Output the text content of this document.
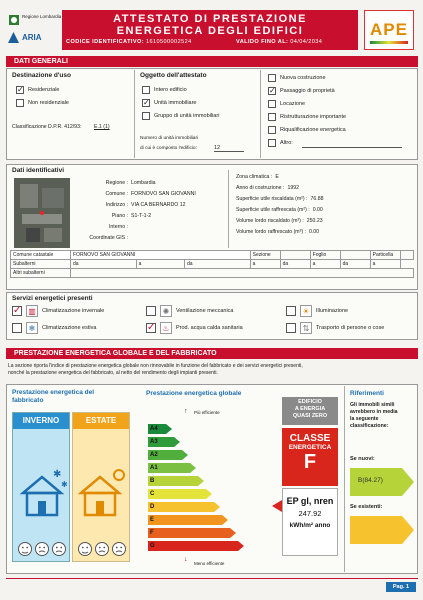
Regione Lombardia
ARIA
ATTESTATO DI PRESTAZIONE
ENERGETICA DEGLI EDIFICI
CODICE IDENTIFICATIVO: 1610500002524	VALIDO FINO AL: 04/04/2034
APE
DATI GENERALI
Destinazione d'uso
✓ Residenziale
Non residenziale
Classificazione D.P.R. 412/93: E.1 (1)
Oggetto dell'attestato
Intero edificio
✓ Unità immobiliare
Gruppo di unità immobiliari
Numero di unità immobiliari
di cui è composto l'edificio:	12
Nuova costruzione
✓ Passaggio di proprietà
Locazione
Ristrutturazione importante
Riqualificazione energetica
Altro:
Dati identificativi
Regione : Lombardia
Comune : FORNOVO SAN GIOVANNI
Indirizzo : VIA CA BERNARDO 12
Piano : S1-T-1-2
Interno :
Coordinate GIS :
Zona climatica : E
Anno di costruzione : 1992
Superficie utile riscaldata (m²) : 76.88
Superficie utile raffrescata (m²) : 0.00
Volume lordo riscaldato (m³) : 250.23
Volume lordo raffrescato (m³) : 0.00
Comune catastale	FORNOVO SAN GIOVANNI			Sezione		Foglio		Particella	
Subalterni	da	a	da	a	da	a	da	a	
Altri subalterni									
Servizi energetici presenti
✓ ▥	Climatizzazione invernale
❄	Climatizzazione estiva
✺	Ventilazione meccanica
✓ ♨	Prod. acqua calda sanitaria
☀	Illuminazione
⇅	Trasporto di persone o cose
PRESTAZIONE ENERGETICA GLOBALE E DEL FABBRICATO
La sezione riporta l'indice di prestazione energetica globale non rinnovabile in funzione del fabbricato e dei servizi energetici presenti,
nonché la prestazione energetica del fabbricato, al netto del rendimento degli impianti presenti.
Prestazione energetica del
fabbricato
INVERNO
✱
✱
ESTATE
Prestazione energetica globale
↑ Più efficiente
A4
A3
A2
A1
B
C
D
E
F
G
↓
Meno efficiente
EDIFICIO
A ENERGIA
QUASI ZERO
CLASSE
ENERGETICA
F
EP gl, nren
247.92
kWh/m² anno
Riferimenti
Gli immobili simili
avrebbero in media
la seguente
classificazione:
Se nuovi:
B(84.27)
Se esistenti:
Pag. 1
